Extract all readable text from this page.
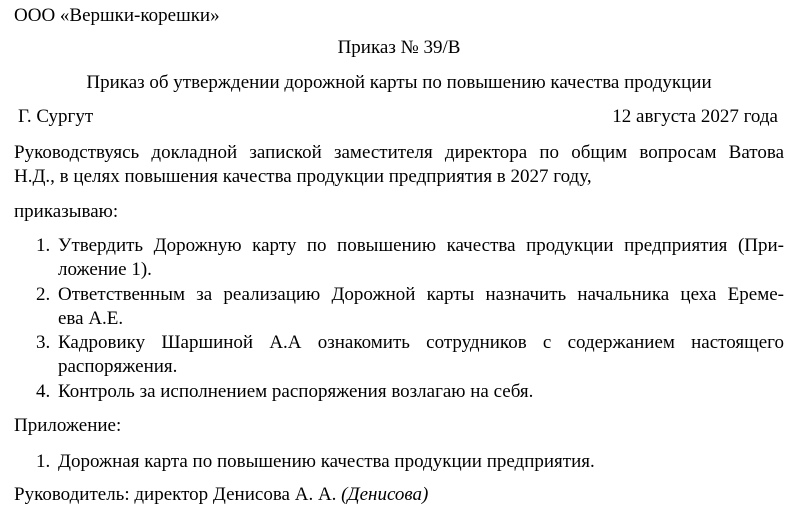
ООО «Вершки-корешки»
Приказ № 39/В
Приказ об утверждении дорожной карты по повышению качества продукции
Г. Сургут	12 августа 2027 года
Руководствуясь докладной запиской заместителя директора по общим вопросам Ватова
Н.Д., в целях повышения качества продукции предприятия в 2027 году,
приказываю:
1. Утвердить Дорожную карту по повышению качества продукции предприятия (При-
ложение 1).
2. Ответственным за реализацию Дорожной карты назначить начальника цеха Ереме-
ева А.Е.
3. Кадровику Шаршиной А.А ознакомить сотрудников с содержанием настоящего
распоряжения.
4. Контроль за исполнением распоряжения возлагаю на себя.
Приложение:
1. Дорожная карта по повышению качества продукции предприятия.
Руководитель: директор Денисова А. А. (Денисова)
